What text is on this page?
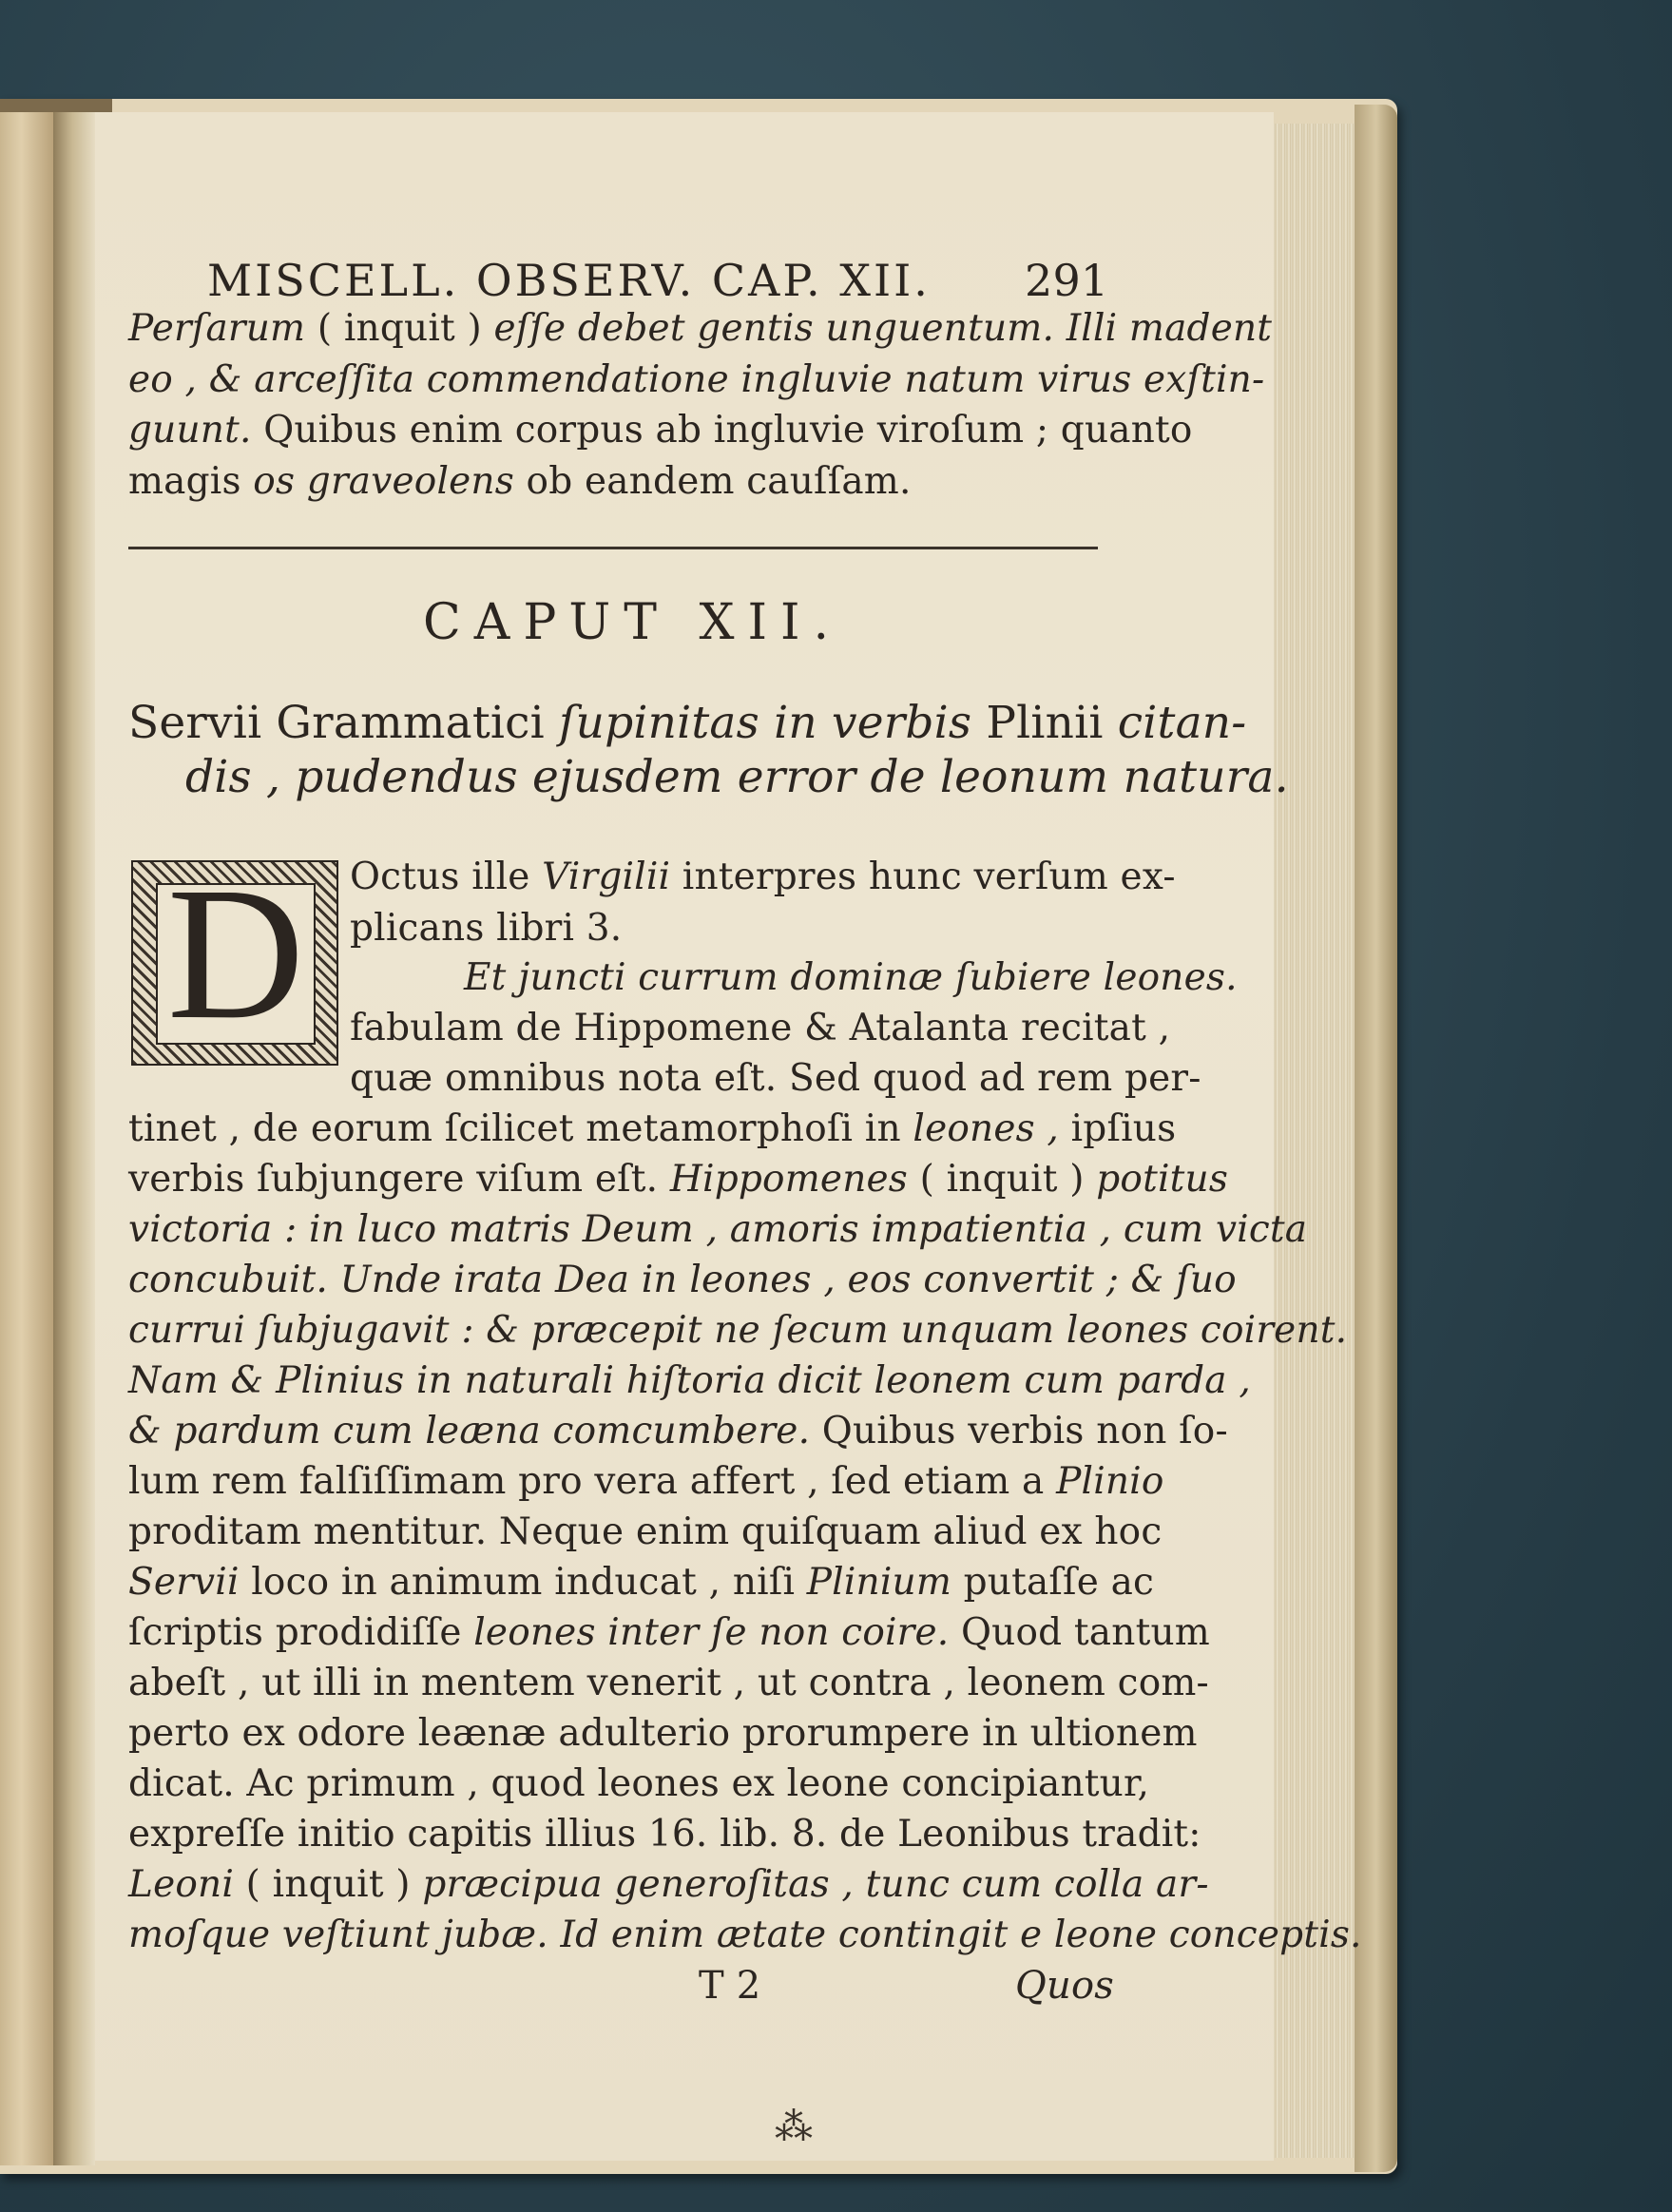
MISCELL. OBSERV. CAP. XII. 291
Perſarum ( inquit ) eſſe debet gentis unguentum. Illi madent
eo , & arceſſita commendatione ingluvie natum virus exſtin-
guunt. Quibus enim corpus ab ingluvie viroſum ; quanto
magis os graveolens ob eandem cauſſam.
CAPUT XII.
Servii Grammatici ſupinitas in verbis Plinii citan-
dis , pudendus ejusdem error de leonum natura.
D Octus ille Virgilii interpres hunc verſum ex-
plicans libri 3.
Et juncti currum dominæ ſubiere leones.
fabulam de Hippomene & Atalanta recitat ,
quæ omnibus nota eſt. Sed quod ad rem per-
tinet , de eorum ſcilicet metamorphoſi in leones , ipſius
verbis ſubjungere viſum eſt. Hippomenes ( inquit ) potitus
victoria : in luco matris Deum , amoris impatientia , cum victa
concubuit. Unde irata Dea in leones , eos convertit ; & ſuo
currui ſubjugavit : & præcepit ne ſecum unquam leones coirent.
Nam & Plinius in naturali hiſtoria dicit leonem cum parda ,
& pardum cum leæna comcumbere. Quibus verbis non ſo-
lum rem falſiſſimam pro vera affert , ſed etiam a Plinio
proditam mentitur. Neque enim quiſquam aliud ex hoc
Servii loco in animum inducat , niſi Plinium putaſſe ac
ſcriptis prodidiſſe leones inter ſe non coire. Quod tantum
abeſt , ut illi in mentem venerit , ut contra , leonem com-
perto ex odore leænæ adulterio prorumpere in ultionem
dicat. Ac primum , quod leones ex leone concipiantur,
expreſſe initio capitis illius 16. lib. 8. de Leonibus tradit:
Leoni ( inquit ) præcipua generoſitas , tunc cum colla ar-
moſque veſtiunt jubæ. Id enim ætate contingit e leone conceptis.
T 2	Quos
⁂
